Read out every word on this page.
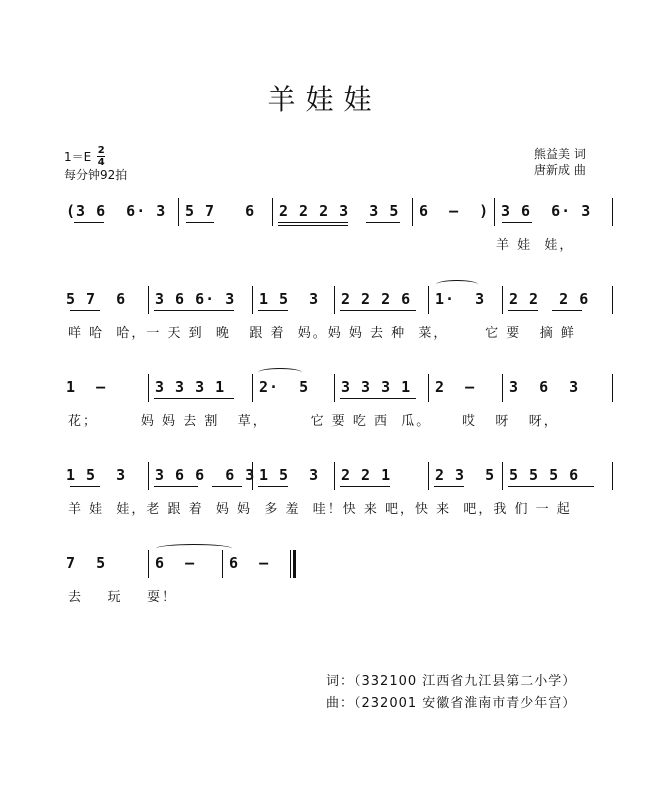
羊娃娃
1＝E 2
4
每分钟92拍
熊益美 词
唐新成 曲
(3 6  6· 3 5 7   6 2 2 2 3  3 5 6  –  ) 3 6  6· 3
羊 娃  娃，
5 7  6 3 6 6· 3 1 5  3 2 2 2 6 1·  3 2 2  2 6
咩 哈  哈，一 天 到  晚   跟 着  妈。妈 妈 去 种  菜，      它 要   摘 鲜
1  –	3 3 3 1 2·  5 3 3 3 1 2  – 3  6  3
花；       妈 妈 去 割   草，       它 要 吃 西  瓜。     哎   呀   呀，
1 5  3 3 6 6  6 3 1 5  3 2 2 1	2 3  5 5 5 5 6
羊 娃  娃，老 跟 着  妈 妈  多 羞  哇！快 来 吧，快 来  吧，我 们 一 起
7  5	6  – 6  –
去    玩    耍！
词：（332100 江西省九江县第二小学）
曲：（232001 安徽省淮南市青少年宫）
